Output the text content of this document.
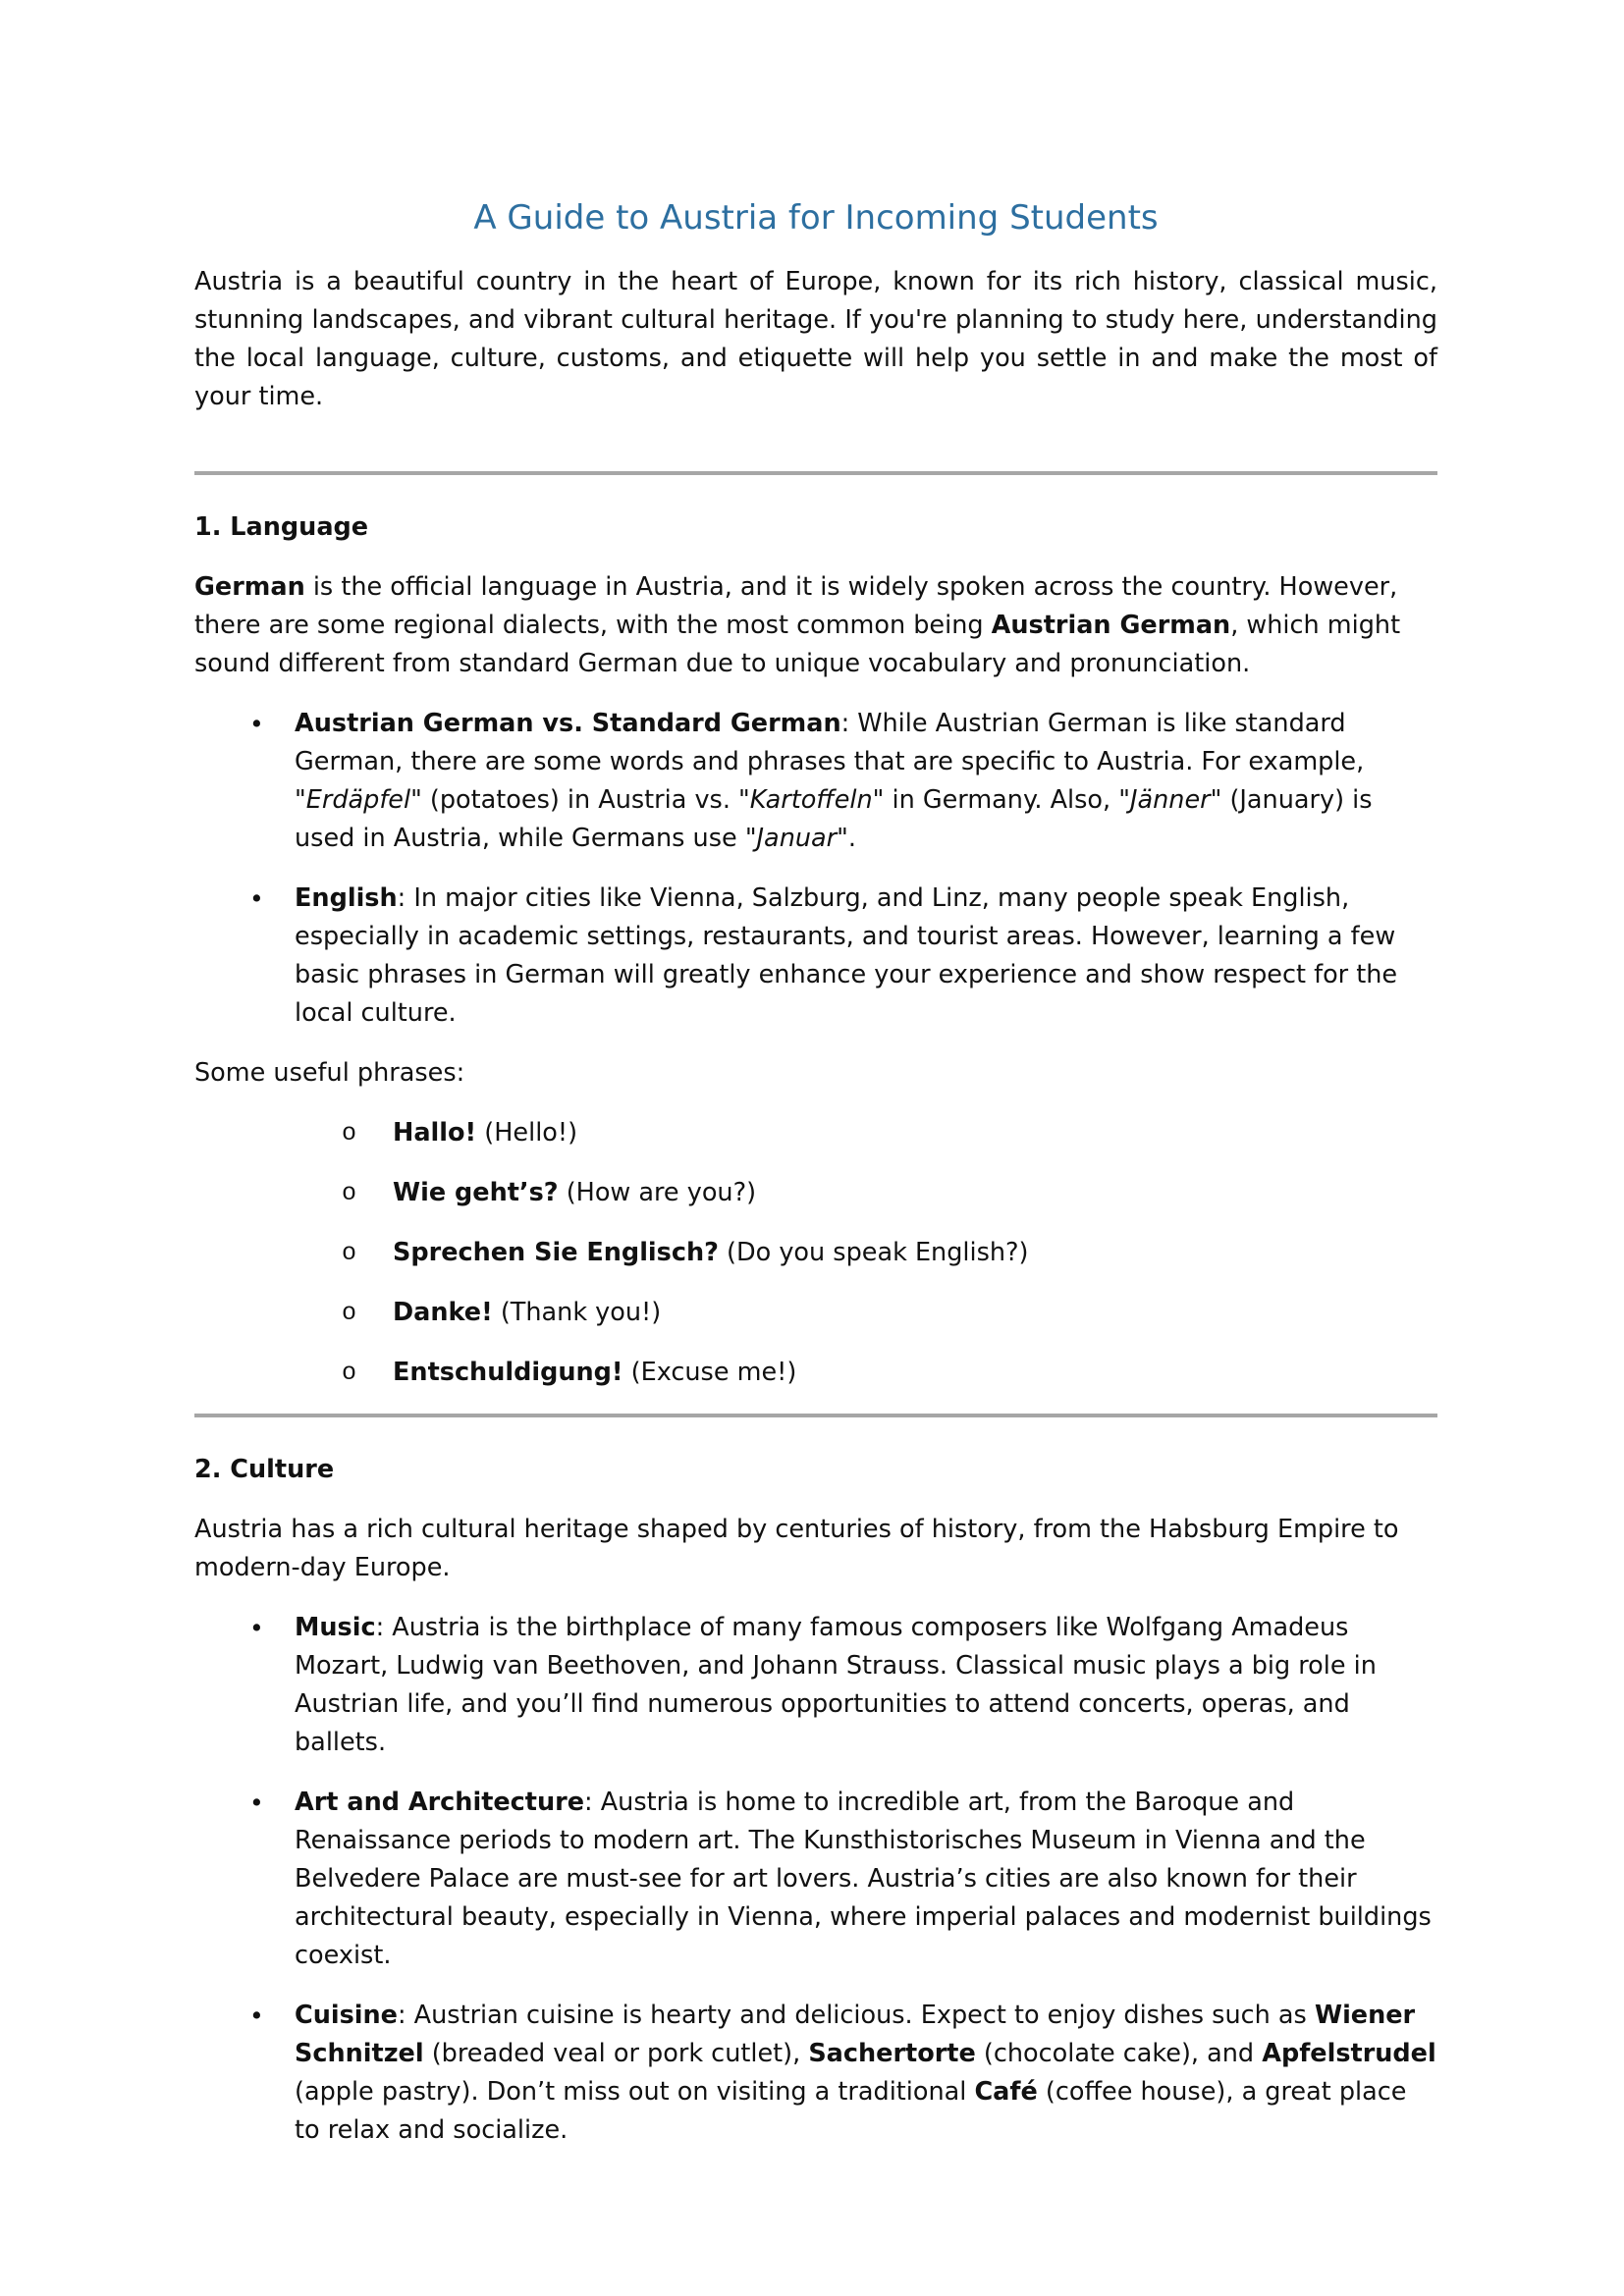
A Guide to Austria for Incoming Students

Austria is a beautiful country in the heart of Europe, known for its rich history, classical music, stunning landscapes, and vibrant cultural heritage. If you're planning to study here, understanding the local language, culture, customs, and etiquette will help you settle in and make the most of your time.

1. Language

German is the official language in Austria, and it is widely spoken across the country. However, there are some regional dialects, with the most common being Austrian German, which might sound different from standard German due to unique vocabulary and pronunciation.

• Austrian German vs. Standard German: While Austrian German is like standard German, there are some words and phrases that are specific to Austria. For example, "Erdäpfel" (potatoes) in Austria vs. "Kartoffeln" in Germany. Also, "Jänner" (January) is used in Austria, while Germans use "Januar".
• English: In major cities like Vienna, Salzburg, and Linz, many people speak English, especially in academic settings, restaurants, and tourist areas. However, learning a few basic phrases in German will greatly enhance your experience and show respect for the local culture.

Some useful phrases:

o Hallo! (Hello!)
o Wie geht’s? (How are you?)
o Sprechen Sie Englisch? (Do you speak English?)
o Danke! (Thank you!)
o Entschuldigung! (Excuse me!)

2. Culture

Austria has a rich cultural heritage shaped by centuries of history, from the Habsburg Empire to modern-day Europe.

• Music: Austria is the birthplace of many famous composers like Wolfgang Amadeus Mozart, Ludwig van Beethoven, and Johann Strauss. Classical music plays a big role in Austrian life, and you’ll find numerous opportunities to attend concerts, operas, and ballets.
• Art and Architecture: Austria is home to incredible art, from the Baroque and Renaissance periods to modern art. The Kunsthistorisches Museum in Vienna and the Belvedere Palace are must-see for art lovers. Austria’s cities are also known for their architectural beauty, especially in Vienna, where imperial palaces and modernist buildings coexist.
• Cuisine: Austrian cuisine is hearty and delicious. Expect to enjoy dishes such as Wiener Schnitzel (breaded veal or pork cutlet), Sachertorte (chocolate cake), and Apfelstrudel (apple pastry). Don’t miss out on visiting a traditional Café (coffee house), a great place to relax and socialize.
